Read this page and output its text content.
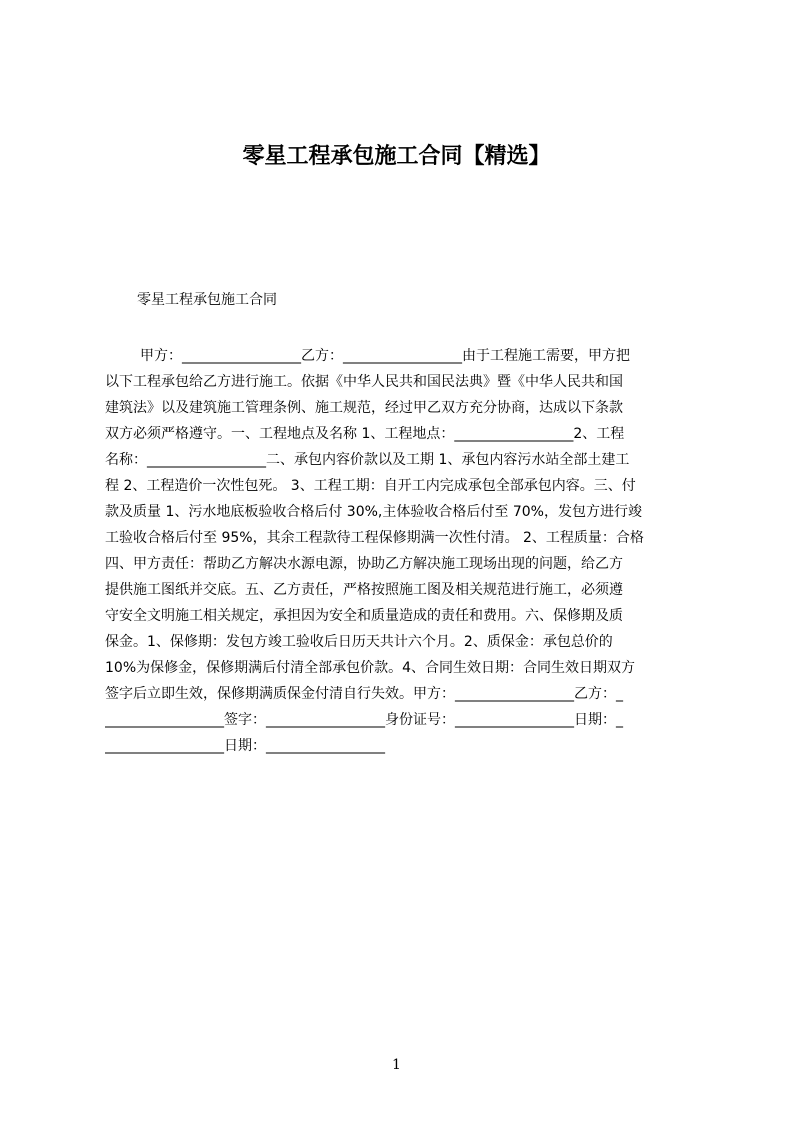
零星工程承包施工合同【精选】
零星工程承包施工合同
甲方：_________________乙方：_________________由于工程施工需要，甲方把
以下工程承包给乙方进行施工。依据《中华人民共和国民法典》暨《中华人民共和国
建筑法》以及建筑施工管理条例、施工规范，经过甲乙双方充分协商，达成以下条款
双方必须严格遵守。一、工程地点及名称 1、工程地点：_________________2、工程
名称：_________________二、承包内容价款以及工期 1、承包内容污水站全部土建工
程 2、工程造价一次性包死。 3、工程工期：自开工内完成承包全部承包内容。三、付
款及质量 1、污水地底板验收合格后付 30%,主体验收合格后付至 70%，发包方进行竣
工验收合格后付至 95%，其余工程款待工程保修期满一次性付清。 2、工程质量：合格
四、甲方责任：帮助乙方解决水源电源，协助乙方解决施工现场出现的问题，给乙方
提供施工图纸并交底。五、乙方责任，严格按照施工图及相关规范进行施工，必须遵
守安全文明施工相关规定，承担因为安全和质量造成的责任和费用。六、保修期及质
保金。1、保修期：发包方竣工验收后日历天共计六个月。2、质保金：承包总价的
10%为保修金，保修期满后付清全部承包价款。4、合同生效日期：合同生效日期双方
签字后立即生效，保修期满质保金付清自行失效。甲方：_________________乙方：_
_________________签字：_________________身份证号：_________________日期：_
_________________日期：_________________
1
